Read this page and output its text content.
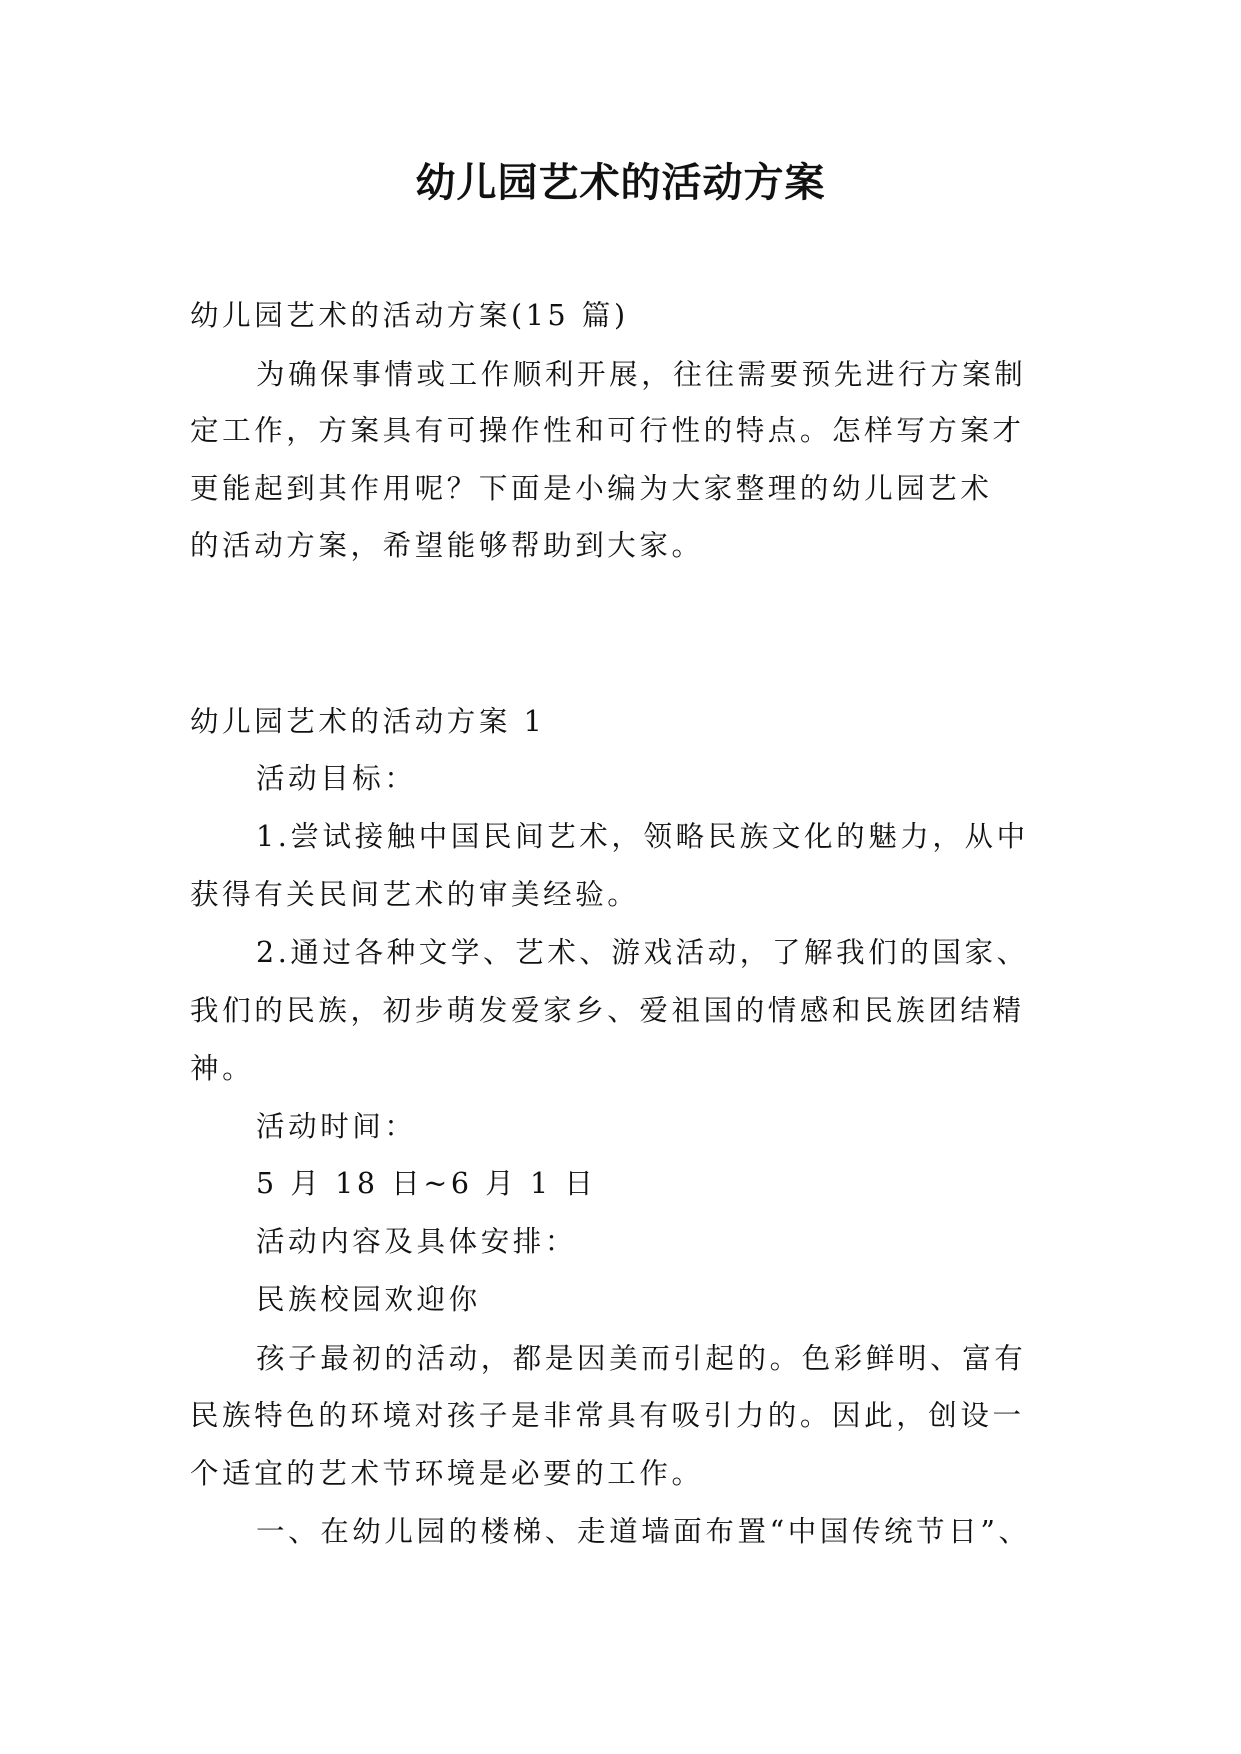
幼儿园艺术的活动方案
幼儿园艺术的活动方案(15 篇)
为确保事情或工作顺利开展，往往需要预先进行方案制
定工作，方案具有可操作性和可行性的特点。怎样写方案才
更能起到其作用呢？下面是小编为大家整理的幼儿园艺术
的活动方案，希望能够帮助到大家。
幼儿园艺术的活动方案 1
活动目标：
1.尝试接触中国民间艺术，领略民族文化的魅力，从中
获得有关民间艺术的审美经验。
2.通过各种文学、艺术、游戏活动，了解我们的国家、
我们的民族，初步萌发爱家乡、爱祖国的情感和民族团结精
神。
活动时间：
5 月 18 日~6 月 1 日
活动内容及具体安排：
民族校园欢迎你
孩子最初的活动，都是因美而引起的。色彩鲜明、富有
民族特色的环境对孩子是非常具有吸引力的。因此，创设一
个适宜的艺术节环境是必要的工作。
一、在幼儿园的楼梯、走道墙面布置“中国传统节日”、
